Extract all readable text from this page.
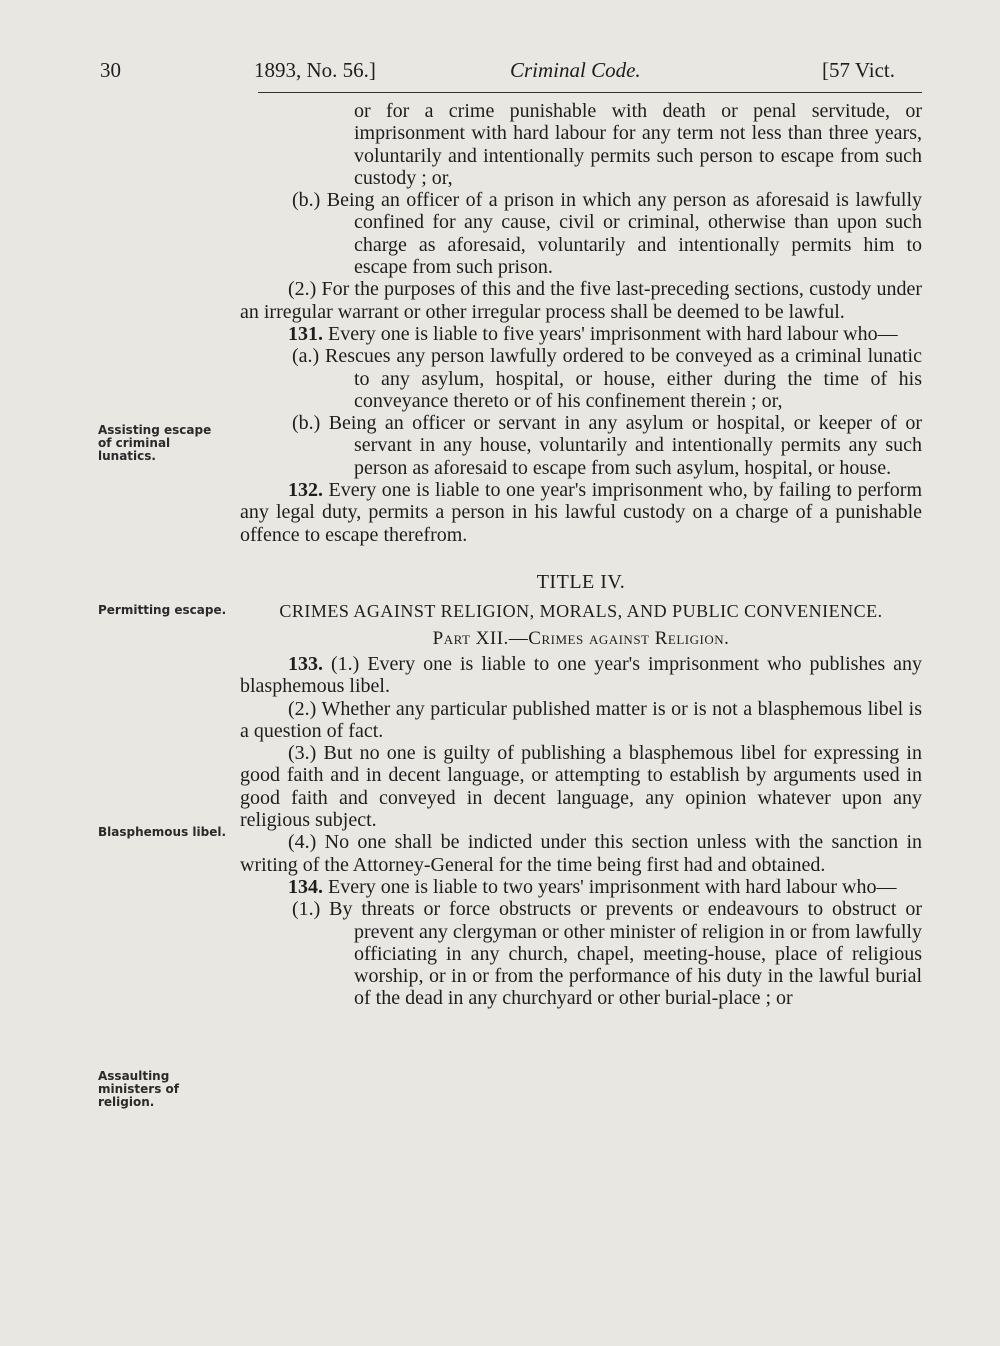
30	1893, No. 56.]	Criminal Code.	[57 Vict.
Assisting escape of criminal lunatics.
Permitting escape.
Blasphemous libel.
Assaulting ministers of religion.

or for a crime punishable with death or penal servitude, or imprisonment with hard labour for any term not less than three years, voluntarily and intentionally permits such person to escape from such custody ; or,

(b.) Being an officer of a prison in which any person as aforesaid is lawfully confined for any cause, civil or criminal, otherwise than upon such charge as aforesaid, voluntarily and intentionally permits him to escape from such prison.

(2.) For the purposes of this and the five last-preceding sections, custody under an irregular warrant or other irregular process shall be deemed to be lawful.

131. Every one is liable to five years' imprisonment with hard labour who—

(a.) Rescues any person lawfully ordered to be conveyed as a criminal lunatic to any asylum, hospital, or house, either during the time of his conveyance thereto or of his confinement therein ; or,

(b.) Being an officer or servant in any asylum or hospital, or keeper of or servant in any house, voluntarily and intentionally permits any such person as aforesaid to escape from such asylum, hospital, or house.

132. Every one is liable to one year's imprisonment who, by failing to perform any legal duty, permits a person in his lawful custody on a charge of a punishable offence to escape therefrom.

TITLE IV.

CRIMES AGAINST RELIGION, MORALS, AND PUBLIC CONVENIENCE.

Part XII.—Crimes against Religion.

133. (1.) Every one is liable to one year's imprisonment who publishes any blasphemous libel.

(2.) Whether any particular published matter is or is not a blasphemous libel is a question of fact.

(3.) But no one is guilty of publishing a blasphemous libel for expressing in good faith and in decent language, or attempting to establish by arguments used in good faith and conveyed in decent language, any opinion whatever upon any religious subject.

(4.) No one shall be indicted under this section unless with the sanction in writing of the Attorney-General for the time being first had and obtained.

134. Every one is liable to two years' imprisonment with hard labour who—

(1.) By threats or force obstructs or prevents or endeavours to obstruct or prevent any clergyman or other minister of religion in or from lawfully officiating in any church, chapel, meeting-house, place of religious worship, or in or from the performance of his duty in the lawful burial of the dead in any churchyard or other burial-place ; or
